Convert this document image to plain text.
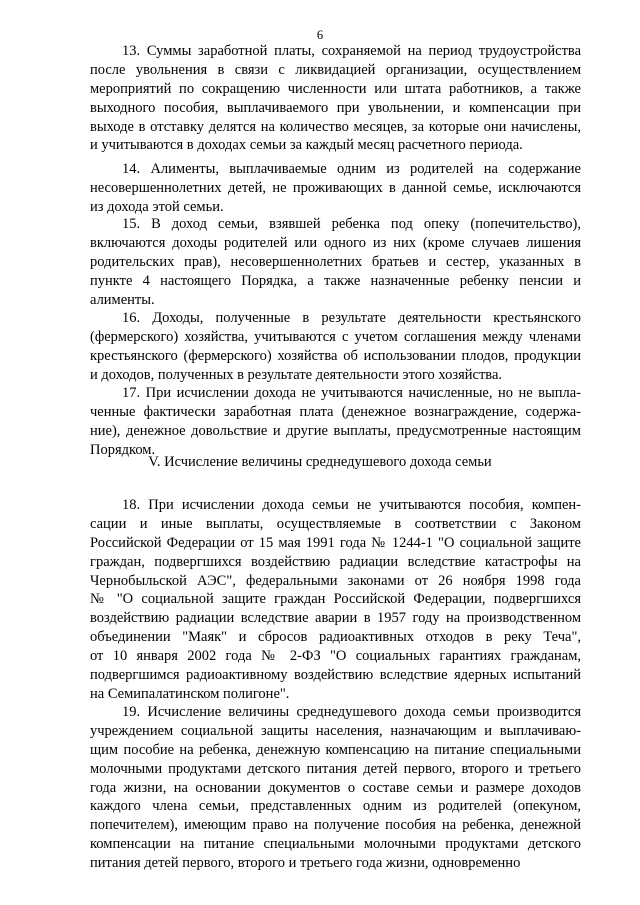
6
13. Суммы заработной платы, сохраняемой на период трудоустройства
после увольнения в связи с ликвидацией организации, осуществлением
мероприятий по сокращению численности или штата работников, а также
выходного пособия, выплачиваемого при увольнении, и компенсации при
выходе в отставку делятся на количество месяцев, за которые они начислены,
и учитываются в доходах семьи за каждый месяц расчетного периода.
14. Алименты, выплачиваемые одним из родителей на содержание
несовершеннолетних детей, не проживающих в данной семье, исключаются
из дохода этой семьи.
15. В доход семьи, взявшей ребенка под опеку (попечительство),
включаются доходы родителей или одного из них (кроме случаев лишения
родительских прав), несовершеннолетних братьев и сестер, указанных в
пункте 4 настоящего Порядка, а также назначенные ребенку пенсии и
алименты.
16. Доходы, полученные в результате деятельности крестьянского
(фермерского) хозяйства, учитываются с учетом соглашения между членами
крестьянского (фермерского) хозяйства об использовании плодов, продукции
и доходов, полученных в результате деятельности этого хозяйства.
17. При исчислении дохода не учитываются начисленные, но не выпла-
ченные фактически заработная плата (денежное вознаграждение, содержа-
ние), денежное довольствие и другие выплаты, предусмотренные настоящим
Порядком.
V. Исчисление величины среднедушевого дохода семьи
18. При исчислении дохода семьи не учитываются пособия, компен-
сации и иные выплаты, осуществляемые в соответствии с Законом
Российской Федерации от 15 мая 1991 года № 1244-1 "О социальной защите
граждан, подвергшихся воздействию радиации вследствие катастрофы на
Чернобыльской АЭС", федеральными законами от 26 ноября 1998 года
№ "О социальной защите граждан Российской Федерации, подвергшихся
воздействию радиации вследствие аварии в 1957 году на производственном
объединении "Маяк" и сбросов радиоактивных отходов в реку Теча",
от 10 января 2002 года № 2-ФЗ "О социальных гарантиях гражданам,
подвергшимся радиоактивному воздействию вследствие ядерных испытаний
на Семипалатинском полигоне".
19. Исчисление величины среднедушевого дохода семьи производится
учреждением социальной защиты населения, назначающим и выплачиваю-
щим пособие на ребенка, денежную компенсацию на питание специальными
молочными продуктами детского питания детей первого, второго и третьего
года жизни, на основании документов о составе семьи и размере доходов
каждого члена семьи, представленных одним из родителей (опекуном,
попечителем), имеющим право на получение пособия на ребенка, денежной
компенсации на питание специальными молочными продуктами детского
питания детей первого, второго и третьего года жизни, одновременно
